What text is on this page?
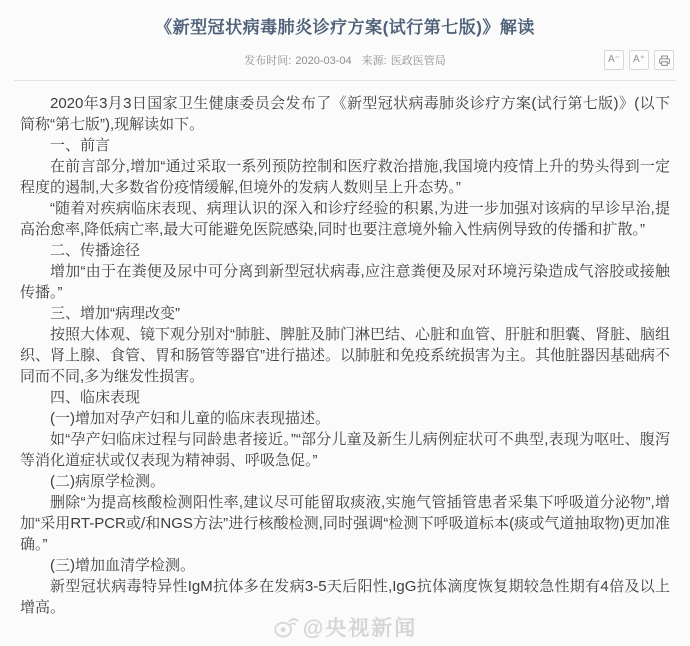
《新型冠状病毒肺炎诊疗方案(试行第七版)》解读
发布时间: 2020-03-04 来源: 医政医管局	A⁻	A⁺

2020年3月3日国家卫生健康委员会发布了《新型冠状病毒肺炎诊疗方案(试行第七版)》(以下简称“第七版”),现解读如下。

一、前言

在前言部分,增加“通过采取一系列预防控制和医疗救治措施,我国境内疫情上升的势头得到一定程度的遏制,大多数省份疫情缓解,但境外的发病人数则呈上升态势。”

“随着对疾病临床表现、病理认识的深入和诊疗经验的积累,为进一步加强对该病的早诊早治,提高治愈率,降低病亡率,最大可能避免医院感染,同时也要注意境外输入性病例导致的传播和扩散。”

二、传播途径

增加“由于在粪便及尿中可分离到新型冠状病毒,应注意粪便及尿对环境污染造成气溶胶或接触传播。”

三、增加“病理改变”

按照大体观、镜下观分别对“肺脏、脾脏及肺门淋巴结、心脏和血管、肝脏和胆囊、肾脏、脑组织、肾上腺、食管、胃和肠管等器官”进行描述。以肺脏和免疫系统损害为主。其他脏器因基础病不同而不同,多为继发性损害。

四、临床表现

(一)增加对孕产妇和儿童的临床表现描述。

如“孕产妇临床过程与同龄患者接近。”“部分儿童及新生儿病例症状可不典型,表现为呕吐、腹泻等消化道症状或仅表现为精神弱、呼吸急促。”

(二)病原学检测。

删除“为提高核酸检测阳性率,建议尽可能留取痰液,实施气管插管患者采集下呼吸道分泌物”,增加“采用RT-PCR或/和NGS方法”进行核酸检测,同时强调“检测下呼吸道标本(痰或气道抽取物)更加准确。”

(三)增加血清学检测。

新型冠状病毒特异性IgM抗体多在发病3-5天后阳性,IgG抗体滴度恢复期较急性期有4倍及以上增高。

@央视新闻
